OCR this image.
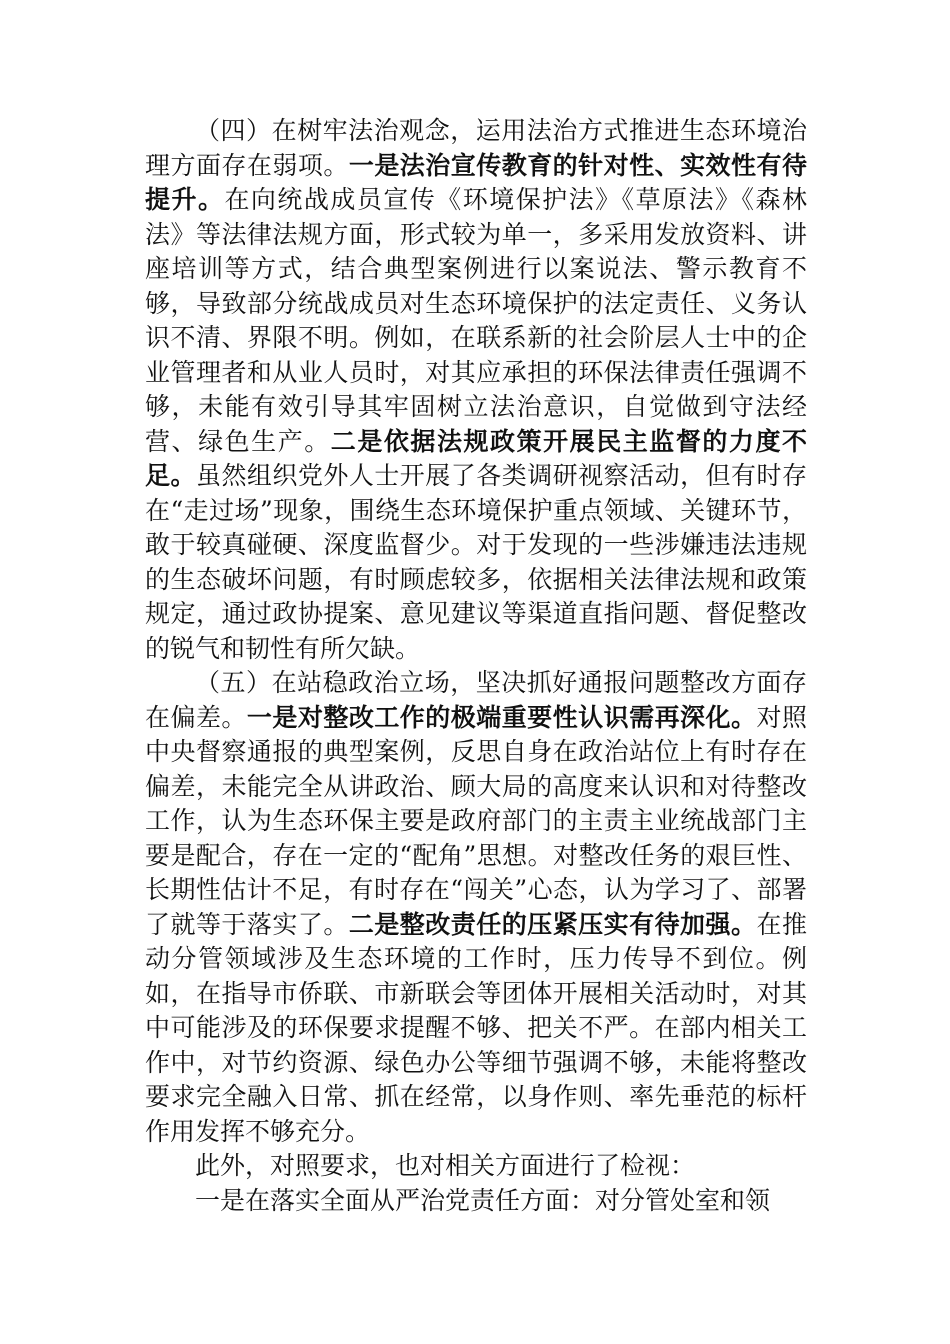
（四）在树牢法治观念，运用法治方式推进生态环境治理方面存在弱项。一是法治宣传教育的针对性、实效性有待提升。在向统战成员宣传《环境保护法》《草原法》《森林法》等法律法规方面，形式较为单一，多采用发放资料、讲座培训等方式，结合典型案例进行以案说法、警示教育不够，导致部分统战成员对生态环境保护的法定责任、义务认识不清、界限不明。例如，在联系新的社会阶层人士中的企业管理者和从业人员时，对其应承担的环保法律责任强调不够，未能有效引导其牢固树立法治意识，自觉做到守法经营、绿色生产。二是依据法规政策开展民主监督的力度不足。虽然组织党外人士开展了各类调研视察活动，但有时存在“走过场”现象，围绕生态环境保护重点领域、关键环节，敢于较真碰硬、深度监督少。对于发现的一些涉嫌违法违规的生态破坏问题，有时顾虑较多，依据相关法律法规和政策规定，通过政协提案、意见建议等渠道直指问题、督促整改的锐气和韧性有所欠缺。

（五）在站稳政治立场，坚决抓好通报问题整改方面存在偏差。一是对整改工作的极端重要性认识需再深化。对照中央督察通报的典型案例，反思自身在政治站位上有时存在偏差，未能完全从讲政治、顾大局的高度来认识和对待整改工作，认为生态环保主要是政府部门的主责主业统战部门主要是配合，存在一定的“配角”思想。对整改任务的艰巨性、长期性估计不足，有时存在“闯关”心态，认为学习了、部署了就等于落实了。二是整改责任的压紧压实有待加强。在推动分管领域涉及生态环境的工作时，压力传导不到位。例如，在指导市侨联、市新联会等团体开展相关活动时，对其中可能涉及的环保要求提醒不够、把关不严。在部内相关工作中，对节约资源、绿色办公等细节强调不够，未能将整改要求完全融入日常、抓在经常，以身作则、率先垂范的标杆作用发挥不够充分。

此外，对照要求，也对相关方面进行了检视：

一是在落实全面从严治党责任方面：对分管处室和领
